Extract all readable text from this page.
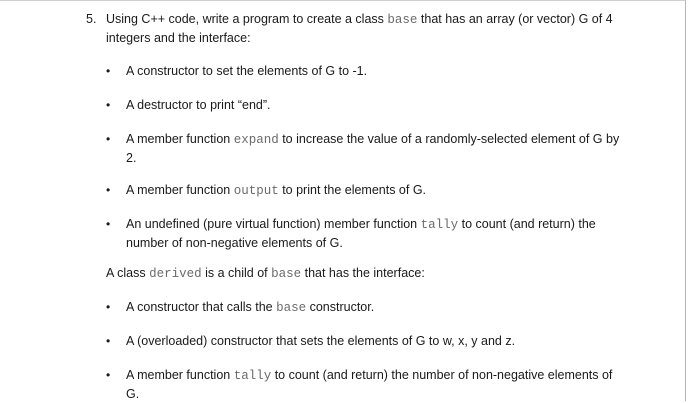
5. Using C++ code, write a program to create a class base that has an array (or vector) G of 4 integers and the interface:
• A constructor to set the elements of G to -1.
• A destructor to print “end”.
• A member function expand to increase the value of a randomly-selected element of G by 2.
• A member function output to print the elements of G.
• An undefined (pure virtual function) member function tally to count (and return) the number of non-negative elements of G.
A class derived is a child of base that has the interface:
• A constructor that calls the base constructor.
• A (overloaded) constructor that sets the elements of G to w, x, y and z.
• A member function tally to count (and return) the number of non-negative elements of G.
